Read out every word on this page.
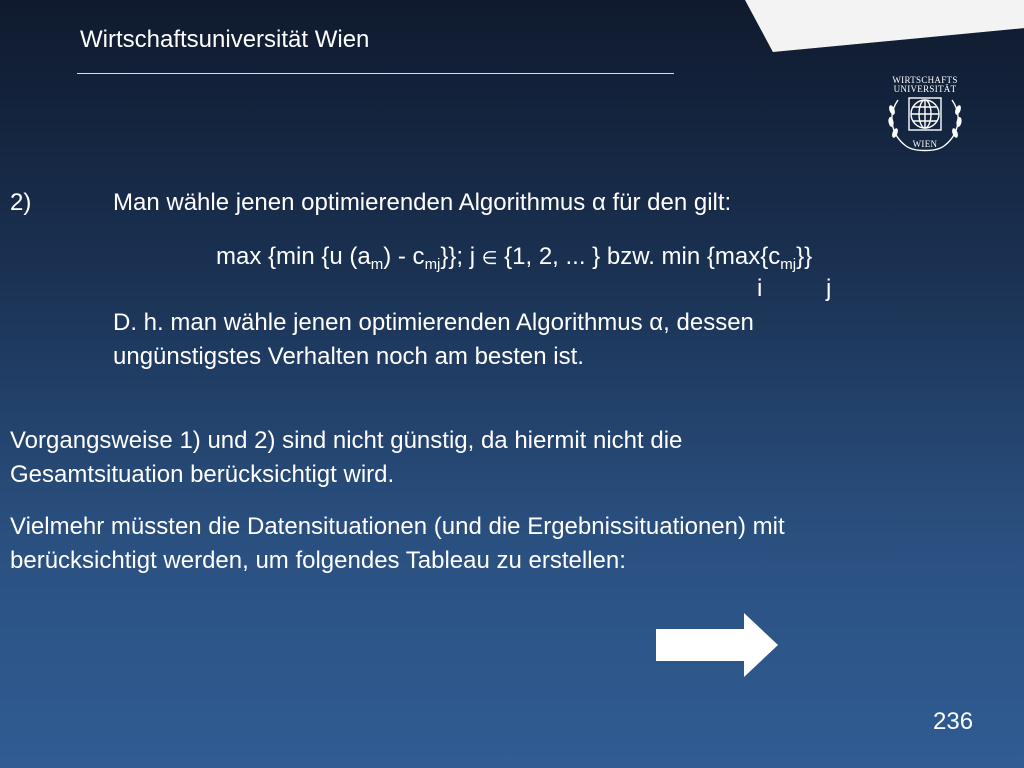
Wirtschaftsuniversität Wien
WIRTSCHAFTS
UNIVERSITÄT
WIEN
2)	Man wähle jenen optimierenden Algorithmus α für den gilt:
max {min {u $(a_m) - c_{mj}$}}; j ∈ {1, 2, ... } bzw. $\min \{\max\{c_{mj}\}\}$
i	j
D. h. man wähle jenen optimierenden Algorithmus α, dessen
ungünstigstes Verhalten noch am besten ist.
Vorgangsweise 1) und 2) sind nicht günstig, da hiermit nicht die
Gesamtsituation berücksichtigt wird.
Vielmehr müssten die Datensituationen (und die Ergebnissituationen) mit
berücksichtigt werden, um folgendes Tableau zu erstellen:
236
